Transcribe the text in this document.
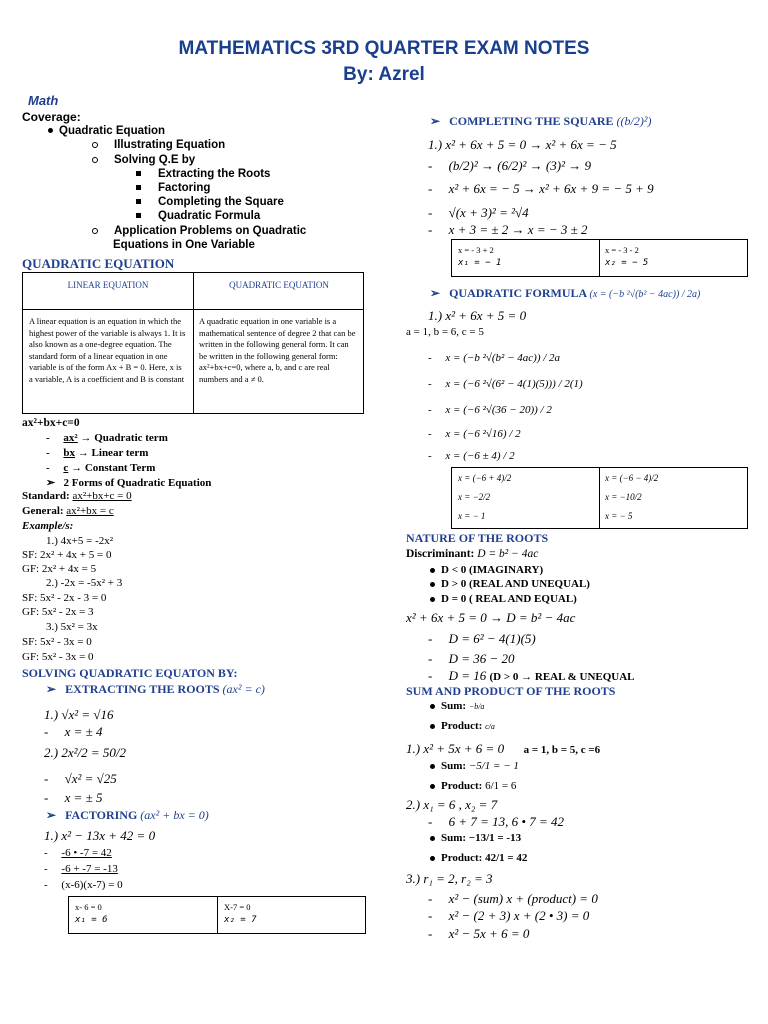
MATHEMATICS 3RD QUARTER EXAM NOTES
By: Azrel
Math
Coverage:
Quadratic Equation
Illustrating Equation
Solving Q.E by
Extracting the Roots
Factoring
Completing the Square
Quadratic Formula
Application Problems on Quadratic
Equations in One Variable
QUADRATIC EQUATION
LINEAR EQUATION	QUADRATIC EQUATION
A linear equation is an equation in which the highest power of the variable is always 1. It is also known as a one-degree equation. The standard form of a linear equation in one variable is of the form Ax + B = 0. Here, x is a variable, A is a coefficient and B is constant
A quadratic equation in one variable is a mathematical sentence of degree 2 that can be written in the following general form. It can be written in the following general form: ax²+bx+c=0, where a, b, and c are real numbers and a ≠ 0.
ax²+bx+c=0
-     ax² → Quadratic term
-     bx → Linear term
-     c → Constant Term
➢   2 Forms of Quadratic Equation
Standard: ax²+bx+c = 0
General: ax²+bx = c
Example/s:
1.) 4x+5 = -2x²
SF: 2x² + 4x + 5 = 0
GF: 2x² + 4x = 5
2.) -2x = -5x² + 3
SF: 5x² - 2x - 3 = 0
GF: 5x² - 2x = 3
3.) 5x² = 3x
SF: 5x² - 3x = 0
GF: 5x² - 3x = 0
SOLVING QUADRATIC EQUATON BY:
➢   EXTRACTING THE ROOTS (ax² = c)
1.) √x² = √16
-     x = ± 4
2.) 2x²/2 = 50/2
-     √x² = √25
-     x = ± 5
➢   FACTORING (ax² + bx = 0)
1.) x² − 13x + 42 = 0
-     -6 • -7 = 42
-     -6 + -7 = -13
-     (x-6)(x-7) = 0
x- 6 = 0
x₁ = 6
X-7 = 0
x₂ = 7
➢   COMPLETING THE SQUARE ((b/2)²)
1.) x² + 6x + 5 = 0 → x² + 6x = − 5
-     (b/2)² → (6/2)² → (3)² → 9
-     x² + 6x = − 5 → x² + 6x + 9 = − 5 + 9
-     √(x + 3)² = ²√4
-     x + 3 = ± 2 → x = − 3 ± 2
x = - 3 + 2
x₁ = − 1
x = - 3 - 2
x₂ = − 5
➢   QUADRATIC FORMULA (x = (−b ²√(b² − 4ac)) / 2a)
1.) x² + 6x + 5 = 0
a = 1, b = 6, c = 5
-     x = (−b ²√(b² − 4ac)) / 2a
-     x = (−6 ²√(6² − 4(1)(5))) / 2(1)
-     x = (−6 ²√(36 − 20)) / 2
-     x = (−6 ²√16) / 2
-     x = (−6 ± 4) / 2
x = (−6 + 4)/2
x = −2/2
x = − 1
x = (−6 − 4)/2
x = −10/2
x = − 5
NATURE OF THE ROOTS
Discriminant: D = b² − 4ac
D < 0 (IMAGINARY)
D > 0 (REAL AND UNEQUAL)
D = 0 ( REAL AND EQUAL)
x² + 6x + 5 = 0 → D = b² − 4ac
-     D = 6² − 4(1)(5)
-     D = 36 − 20
-     D = 16 (D > 0 → REAL & UNEQUAL
SUM AND PRODUCT OF THE ROOTS
Sum: −b/a
Product: c/a
1.) x² + 5x + 6 = 0 a = 1, b = 5, c =6
Sum: −5/1 = − 1
Product: 6/1 = 6
2.) x₁ = 6 , x₂ = 7
-     6 + 7 = 13, 6 • 7 = 42
Sum: −13/1 = -13
Product: 42/1 = 42
3.) r₁ = 2, r₂ = 3
-     x² − (sum) x + (product) = 0
-     x² − (2 + 3) x + (2 • 3) = 0
-     x² − 5x + 6 = 0
